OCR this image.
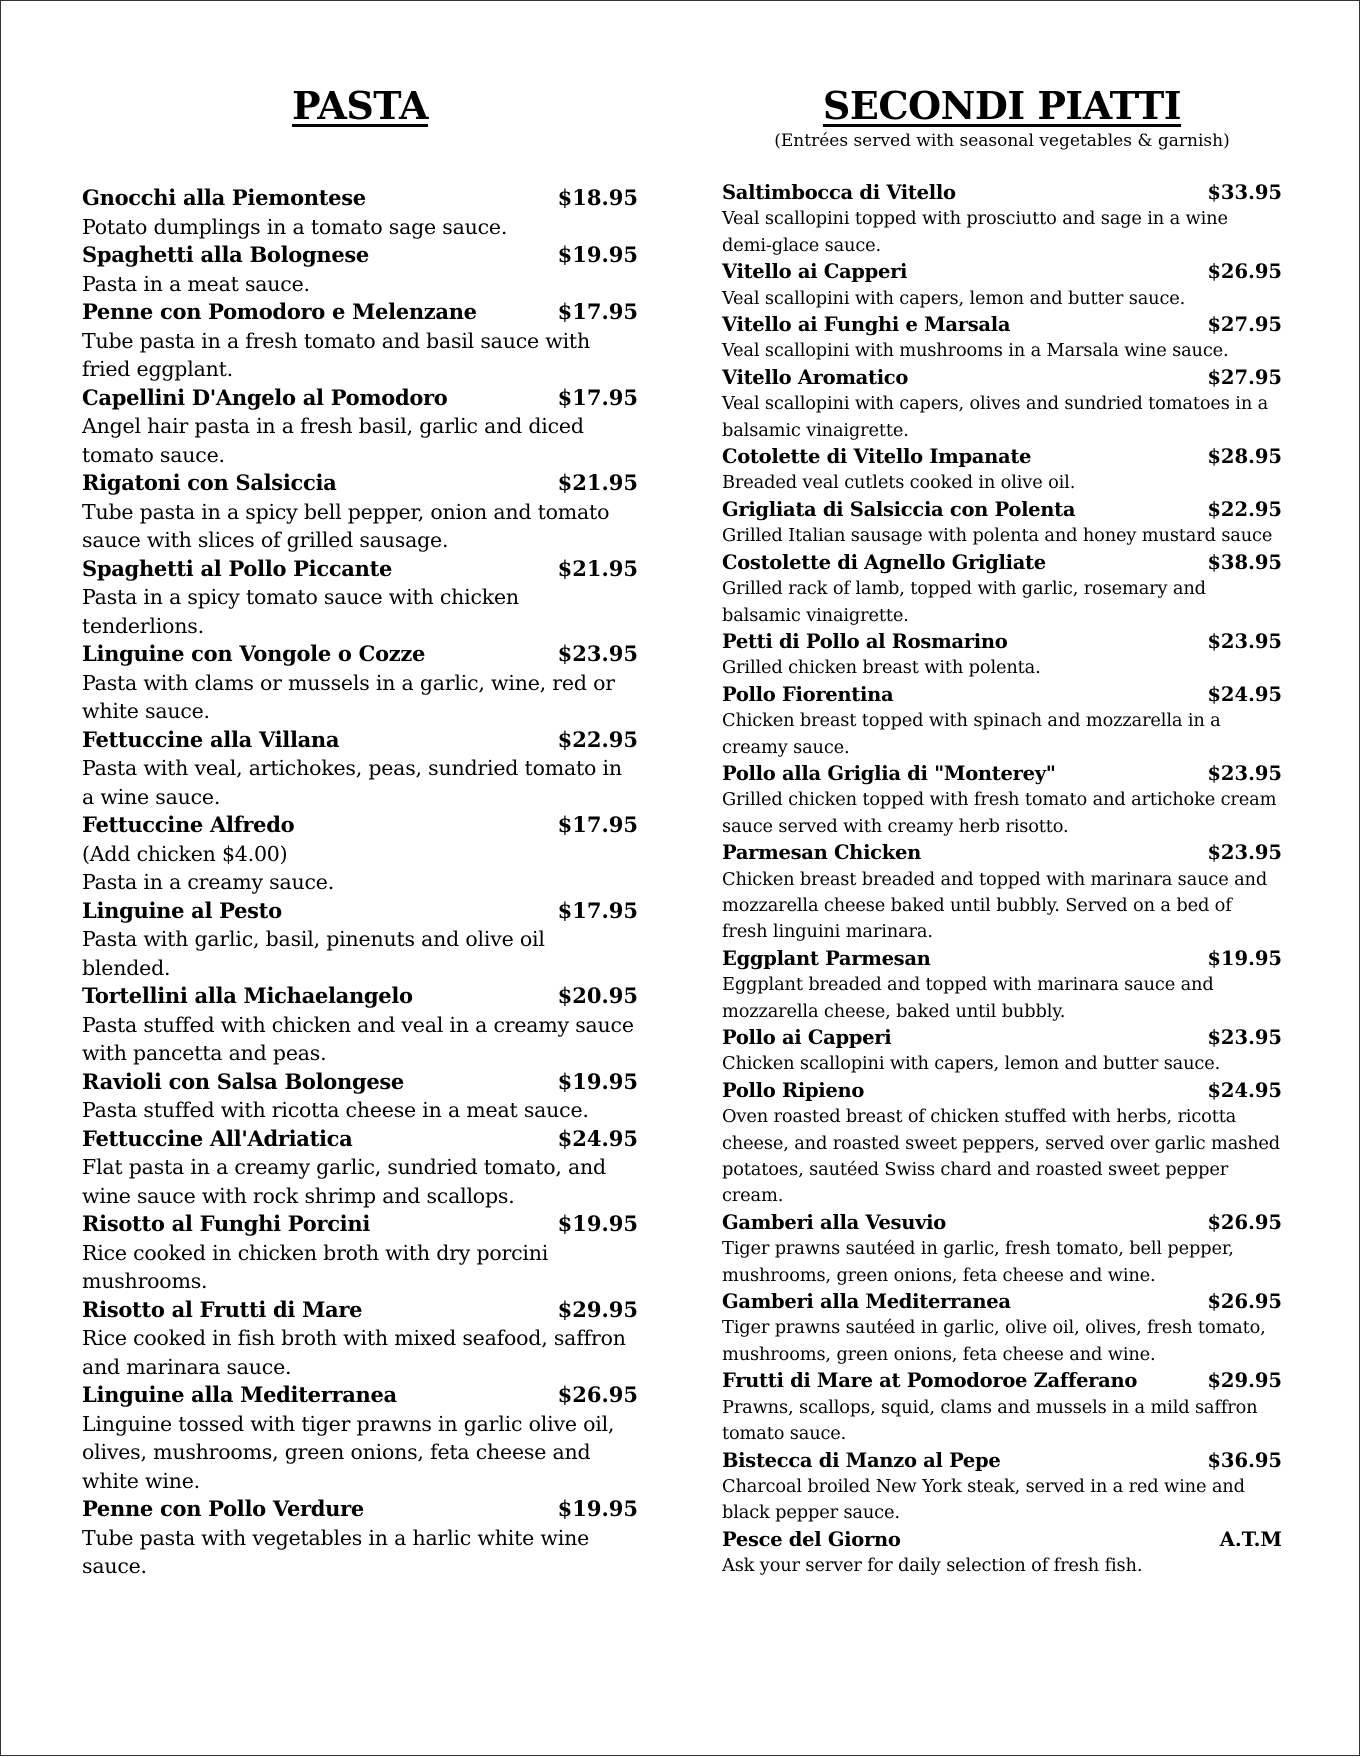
PASTA
Gnocchi alla Piemontese	$18.95

Potato dumplings in a tomato sage sauce.

Spaghetti alla Bolognese	$19.95

Pasta in a meat sauce.

Penne con Pomodoro e Melenzane	$17.95

Tube pasta in a fresh tomato and basil sauce with fried eggplant.

Capellini D'Angelo al Pomodoro	$17.95

Angel hair pasta in a fresh basil, garlic and diced tomato sauce.

Rigatoni con Salsiccia	$21.95

Tube pasta in a spicy bell pepper, onion and tomato sauce with slices of grilled sausage.

Spaghetti al Pollo Piccante	$21.95

Pasta in a spicy tomato sauce with chicken tenderlions.

Linguine con Vongole o Cozze	$23.95

Pasta with clams or mussels in a garlic, wine, red or white sauce.

Fettuccine alla Villana	$22.95

Pasta with veal, artichokes, peas, sundried tomato in a wine sauce.

Fettuccine Alfredo	$17.95

(Add chicken $4.00)

Pasta in a creamy sauce.

Linguine al Pesto	$17.95

Pasta with garlic, basil, pinenuts and olive oil blended.

Tortellini alla Michaelangelo	$20.95

Pasta stuffed with chicken and veal in a creamy sauce with pancetta and peas.

Ravioli con Salsa Bolongese	$19.95

Pasta stuffed with ricotta cheese in a meat sauce.

Fettuccine All'Adriatica	$24.95

Flat pasta in a creamy garlic, sundried tomato, and wine sauce with rock shrimp and scallops.

Risotto al Funghi Porcini	$19.95

Rice cooked in chicken broth with dry porcini mushrooms.

Risotto al Frutti di Mare	$29.95

Rice cooked in fish broth with mixed seafood, saffron and marinara sauce.

Linguine alla Mediterranea	$26.95

Linguine tossed with tiger prawns in garlic olive oil, olives, mushrooms, green onions, feta cheese and white wine.

Penne con Pollo Verdure	$19.95

Tube pasta with vegetables in a harlic white wine sauce.

SECONDI PIATTI

(Entrées served with seasonal vegetables & garnish)

Saltimbocca di Vitello	$33.95

Veal scallopini topped with prosciutto and sage in a wine demi-glace sauce.

Vitello ai Capperi	$26.95

Veal scallopini with capers, lemon and butter sauce.

Vitello ai Funghi e Marsala	$27.95

Veal scallopini with mushrooms in a Marsala wine sauce.

Vitello Aromatico	$27.95

Veal scallopini with capers, olives and sundried tomatoes in a balsamic vinaigrette.

Cotolette di Vitello Impanate	$28.95

Breaded veal cutlets cooked in olive oil.

Grigliata di Salsiccia con Polenta	$22.95

Grilled Italian sausage with polenta and honey mustard sauce

Costolette di Agnello Grigliate	$38.95

Grilled rack of lamb, topped with garlic, rosemary and balsamic vinaigrette.

Petti di Pollo al Rosmarino	$23.95

Grilled chicken breast with polenta.

Pollo Fiorentina	$24.95

Chicken breast topped with spinach and mozzarella in a creamy sauce.

Pollo alla Griglia di "Monterey"	$23.95

Grilled chicken topped with fresh tomato and artichoke cream sauce served with creamy herb risotto.

Parmesan Chicken	$23.95

Chicken breast breaded and topped with marinara sauce and mozzarella cheese baked until bubbly. Served on a bed of fresh linguini marinara.

Eggplant Parmesan	$19.95

Eggplant breaded and topped with marinara sauce and mozzarella cheese, baked until bubbly.

Pollo ai Capperi	$23.95

Chicken scallopini with capers, lemon and butter sauce.

Pollo Ripieno	$24.95

Oven roasted breast of chicken stuffed with herbs, ricotta cheese, and roasted sweet peppers, served over garlic mashed potatoes, sautéed Swiss chard and roasted sweet pepper cream.

Gamberi alla Vesuvio	$26.95

Tiger prawns sautéed in garlic, fresh tomato, bell pepper, mushrooms, green onions, feta cheese and wine.

Gamberi alla Mediterranea	$26.95

Tiger prawns sautéed in garlic, olive oil, olives, fresh tomato, mushrooms, green onions, feta cheese and wine.

Frutti di Mare at Pomodoroe Zafferano	$29.95

Prawns, scallops, squid, clams and mussels in a mild saffron tomato sauce.

Bistecca di Manzo al Pepe	$36.95

Charcoal broiled New York steak, served in a red wine and black pepper sauce.

Pesce del Giorno	A.T.M

Ask your server for daily selection of fresh fish.
